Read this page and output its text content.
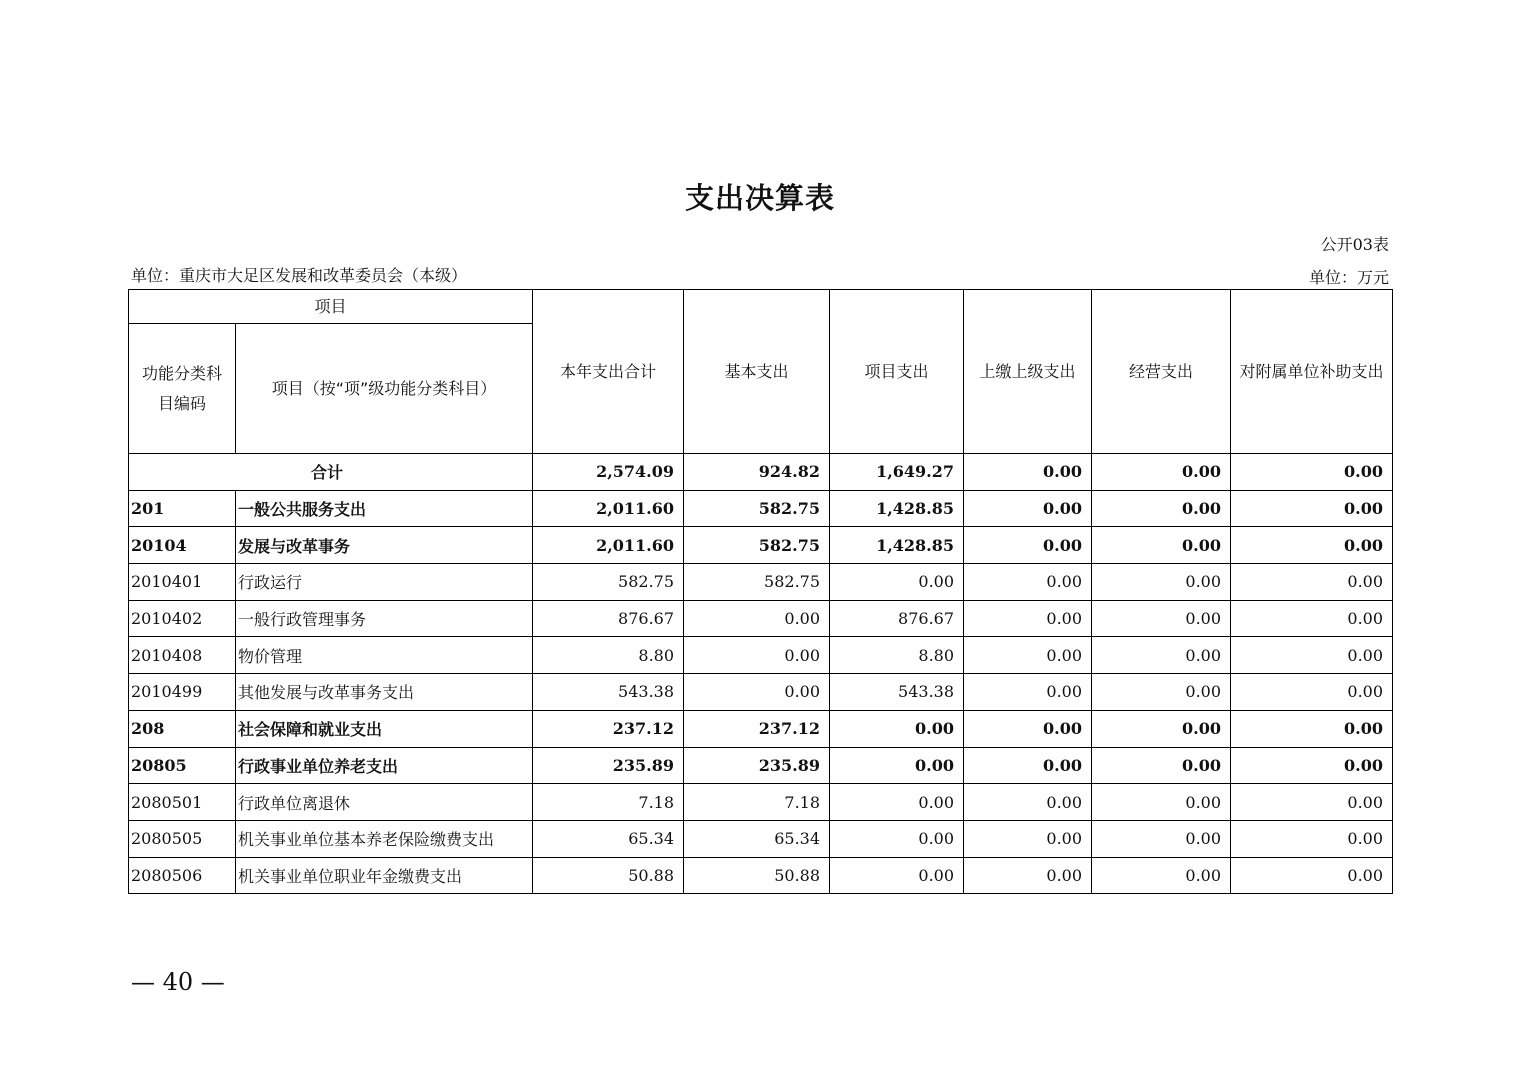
支出决算表
公开03表
单位：重庆市大足区发展和改革委员会（本级）	单位：万元
项目		本年支出合计	基本支出	项目支出	上缴上级支出	经营支出	对附属单位补助支出
功能分类科目编码	项目（按“项”级功能分类科目）						
合计		2,574.09	924.82	1,649.27	0.00	0.00	0.00
201	一般公共服务支出	2,011.60	582.75	1,428.85	0.00	0.00	0.00
20104	发展与改革事务	2,011.60	582.75	1,428.85	0.00	0.00	0.00
2010401	行政运行	582.75	582.75	0.00	0.00	0.00	0.00
2010402	一般行政管理事务	876.67	0.00	876.67	0.00	0.00	0.00
2010408	物价管理	8.80	0.00	8.80	0.00	0.00	0.00
2010499	其他发展与改革事务支出	543.38	0.00	543.38	0.00	0.00	0.00
208	社会保障和就业支出	237.12	237.12	0.00	0.00	0.00	0.00
20805	行政事业单位养老支出	235.89	235.89	0.00	0.00	0.00	0.00
2080501	行政单位离退休	7.18	7.18	0.00	0.00	0.00	0.00
2080505	机关事业单位基本养老保险缴费支出	65.34	65.34	0.00	0.00	0.00	0.00
2080506	机关事业单位职业年金缴费支出	50.88	50.88	0.00	0.00	0.00	0.00
— 40 —
